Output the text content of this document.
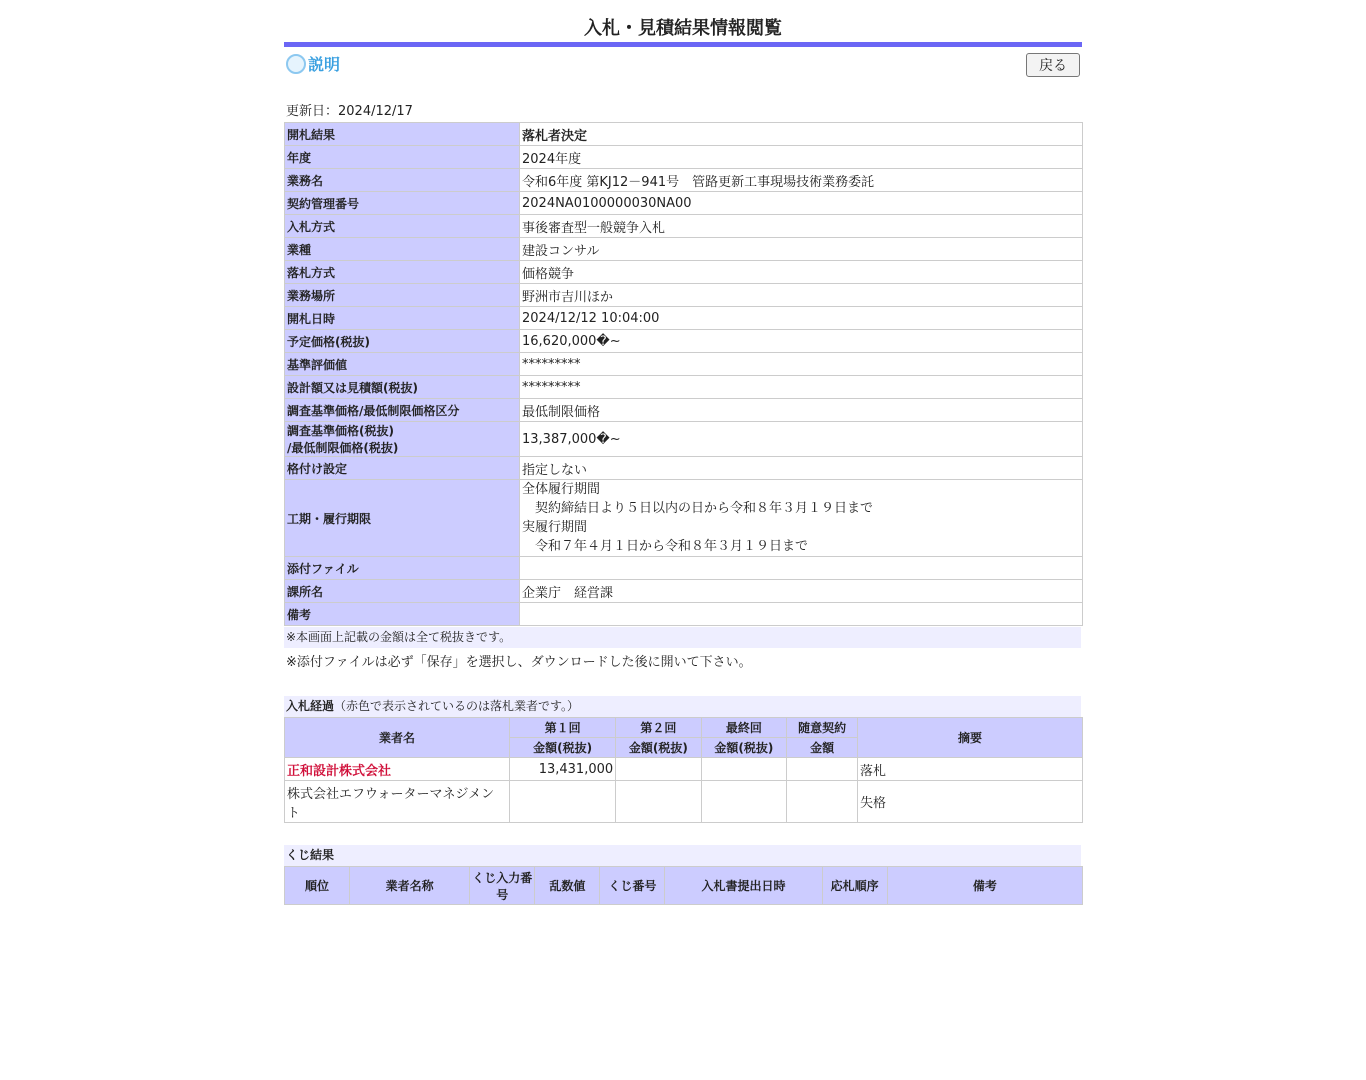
入札・見積結果情報閲覧
説明	戻る
更新日：2024/12/17
開札結果	落札者決定
年度	2024年度
業務名	令和6年度 第KJ12－941号　管路更新工事現場技術業務委託
契約管理番号	2024NA0100000030NA00
入札方式	事後審査型一般競争入札
業種	建設コンサル
落札方式	価格競争
業務場所	野洲市吉川ほか
開札日時	2024/12/12 10:04:00
予定価格(税抜)	16,620,000�~
基準評価値	*********
設計額又は見積額(税抜)	*********
調査基準価格/最低制限価格区分	最低制限価格
調査基準価格(税抜)
/最低制限価格(税抜)	13,387,000�~
格付け設定	指定しない
工期・履行期限	全体履行期間
　契約締結日より５日以内の日から令和８年３月１９日まで
実履行期間
　令和７年４月１日から令和８年３月１９日まで
添付ファイル	
課所名	企業庁　経営課
備考	
※本画面上記載の金額は全て税抜きです。
※添付ファイルは必ず「保存」を選択し、ダウンロードした後に開いて下さい。
入札経過（赤色で表示されているのは落札業者です。）
業者名	第１回	第２回	最終回	随意契約	摘要
	金額(税抜)	金額(税抜)	金額(税抜)	金額	
正和設計株式会社	13,431,000				落札
株式会社エフウォーターマネジメント					失格
くじ結果
順位	業者名称	くじ入力番号	乱数値	くじ番号	入札書提出日時	応札順序	備考
